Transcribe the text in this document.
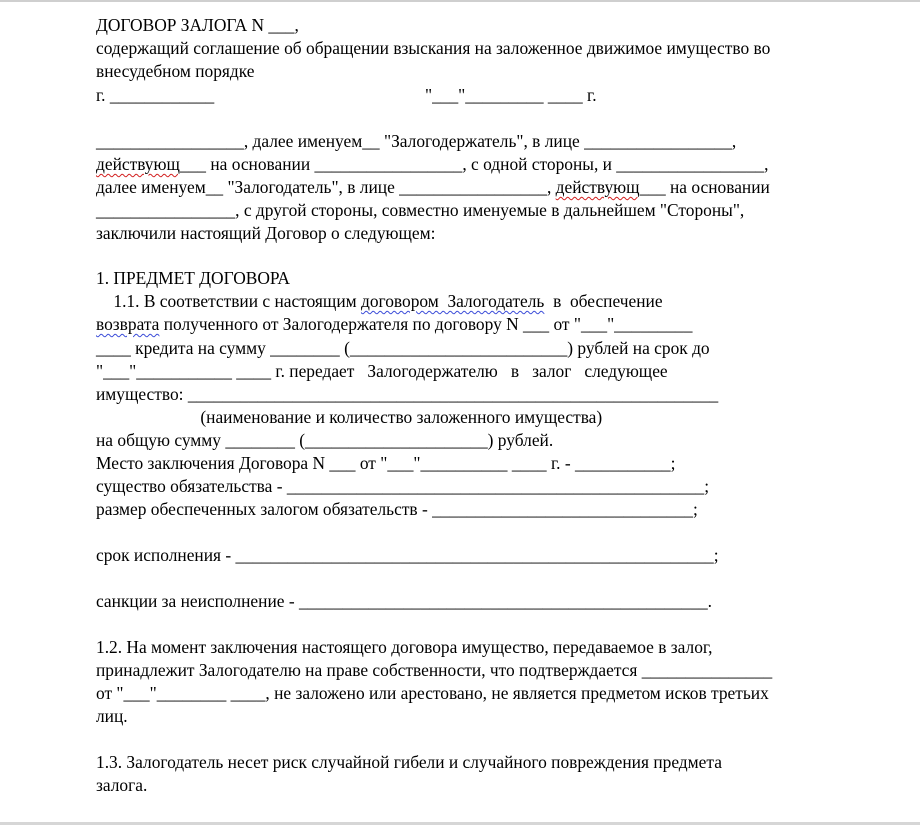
ДОГОВОР ЗАЛОГА N ___,
содержащий соглашение об обращении взыскания на заложенное движимое имущество во
внесудебном порядке
г. ____________	"___"_________ ____ г.
_________________, далее именуем__ "Залогодержатель", в лице _________________,
действующ___ на основании _________________, с одной стороны, и _________________,
далее именуем__ "Залогодатель", в лице _________________, действующ___ на основании
________________, с другой стороны, совместно именуемые в дальнейшем "Стороны",
заключили настоящий Договор о следующем:
1. ПРЕДМЕТ ДОГОВОРА
1.1. В соответствии с настоящим договором  Залогодатель  в  обеспечение
возврата полученного от Залогодержателя по договору N ___ от "___"_________
____ кредита на сумму ________ (_________________________) рублей на срок до
"___"___________ ____ г. передает   Залогодержателю   в   залог   следующее
имущество: _____________________________________________________________
(наименование и количество заложенного имущества)
на общую сумму ________ (_____________________) рублей.
Место заключения Договора N ___ от "___"__________ ____ г. - ___________;
существо обязательства - ________________________________________________;
размер обеспеченных залогом обязательств - ______________________________;
срок исполнения - _______________________________________________________;
санкции за неисполнение - _______________________________________________.
1.2. На момент заключения настоящего договора имущество, передаваемое в залог,
принадлежит Залогодателю на праве собственности, что подтверждается _______________
от "___"________ ____, не заложено или арестовано, не является предметом исков третьих
лиц.
1.3. Залогодатель несет риск случайной гибели и случайного повреждения предмета
залога.
